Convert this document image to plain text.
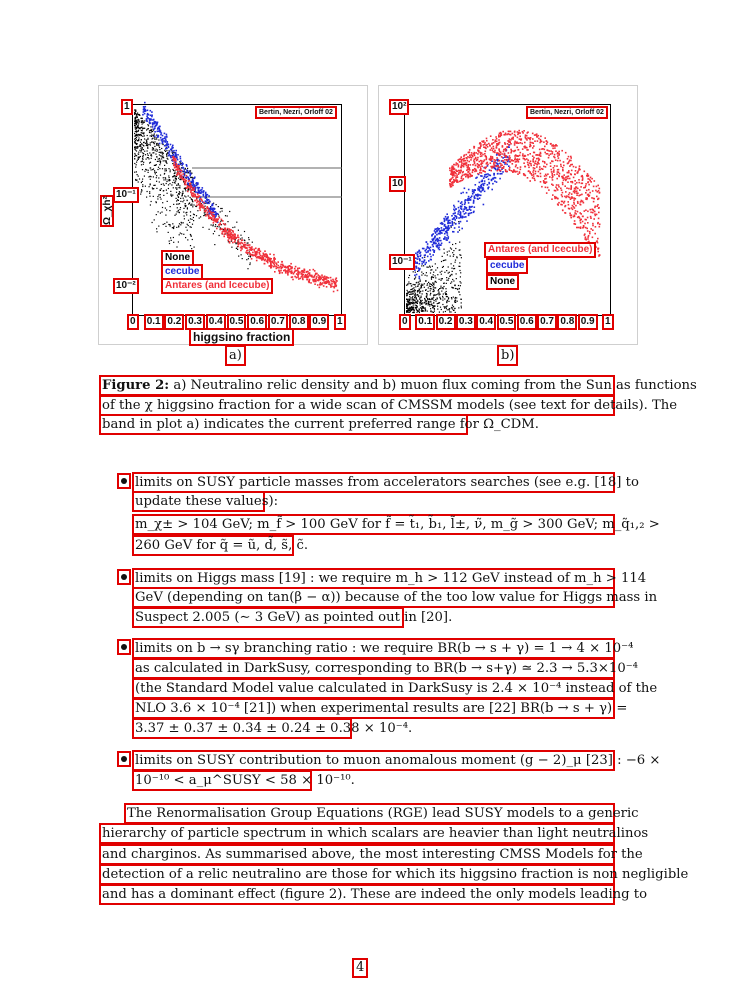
Bertin, Nezri, Orloff 02
1
10⁻¹
10⁻²
Ω_χh²
None
cecube
Antares (and Icecube)
0	0.1 0.2 0.3 0.4 0.5 0.6 0.7 0.8 0.9	1
higgsino fraction
a)
Bertin, Nezri, Orloff 02
10²
10
10⁻¹
Antares (and Icecube)
cecube
None
0	0.1 0.2 0.3 0.4 0.5 0.6 0.7 0.8 0.9	1
b)
Figure 2: a) Neutralino relic density and b) muon flux coming from the Sun as functions
of the χ higgsino fraction for a wide scan of CMSSM models (see text for details). The
band in plot a) indicates the current preferred range for Ω_CDM.
limits on SUSY particle masses from accelerators searches (see e.g. [18] to
update these values):
m_χ± > 104 GeV; m_f̃ > 100 GeV for f̃ = t̃₁, b̃₁, l̃±, ν̃, m_g̃ > 300 GeV; m_q̃₁,₂ >
260 GeV for q̃ = ũ, d̃, s̃, c̃.
limits on Higgs mass [19] : we require m_h > 112 GeV instead of m_h > 114
GeV (depending on tan(β − α)) because of the too low value for Higgs mass in
Suspect 2.005 (∼ 3 GeV) as pointed out in [20].
limits on b → sγ branching ratio : we require BR(b → s + γ) = 1 → 4 × 10⁻⁴
as calculated in DarkSusy, corresponding to BR(b → s+γ) ≃ 2.3 → 5.3×10⁻⁴
(the Standard Model value calculated in DarkSusy is 2.4 × 10⁻⁴ instead of the
NLO 3.6 × 10⁻⁴ [21]) when experimental results are [22] BR(b → s + γ) =
3.37 ± 0.37 ± 0.34 ± 0.24 ± 0.38 × 10⁻⁴.
limits on SUSY contribution to muon anomalous moment (g − 2)_μ [23] : −6 ×
10⁻¹⁰ < a_μ^SUSY < 58 × 10⁻¹⁰.
The Renormalisation Group Equations (RGE) lead SUSY models to a generic
hierarchy of particle spectrum in which scalars are heavier than light neutralinos
and charginos. As summarised above, the most interesting CMSS Models for the
detection of a relic neutralino are those for which its higgsino fraction is non negligible
and has a dominant effect (figure 2). These are indeed the only models leading to
4
